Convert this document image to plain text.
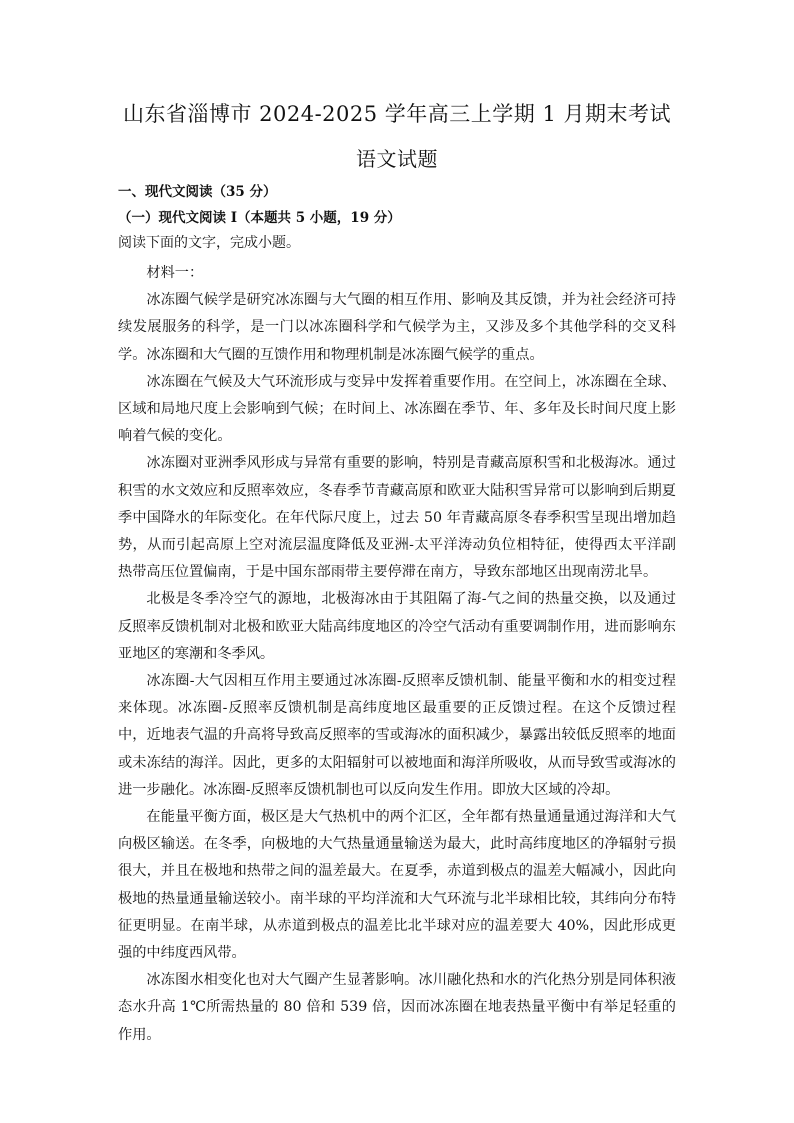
山东省淄博市 2024-2025 学年高三上学期 1 月期末考试
语文试题
一、现代文阅读（35 分）
（一）现代文阅读 I（本题共 5 小题，19 分）
阅读下面的文字，完成小题。

材料一：

冰冻圈气候学是研究冰冻圈与大气圈的相互作用、影响及其反馈，并为社会经济可持续发展服务的科学，是一门以冰冻圈科学和气候学为主，又涉及多个其他学科的交叉科学。冰冻圈和大气圈的互馈作用和物理机制是冰冻圈气候学的重点。

冰冻圈在气候及大气环流形成与变异中发挥着重要作用。在空间上，冰冻圈在全球、区域和局地尺度上会影响到气候；在时间上、冰冻圈在季节、年、多年及长时间尺度上影响着气候的变化。

冰冻圈对亚洲季风形成与异常有重要的影响，特别是青藏高原积雪和北极海冰。通过积雪的水文效应和反照率效应，冬春季节青藏高原和欧亚大陆积雪异常可以影响到后期夏季中国降水的年际变化。在年代际尺度上，过去 50 年青藏高原冬春季积雪呈现出增加趋势，从而引起高原上空对流层温度降低及亚洲-太平洋涛动负位相特征，使得西太平洋副热带高压位置偏南，于是中国东部雨带主要停滞在南方，导致东部地区出现南涝北旱。

北极是冬季冷空气的源地，北极海冰由于其阻隔了海-气之间的热量交换，以及通过反照率反馈机制对北极和欧亚大陆高纬度地区的冷空气活动有重要调制作用，进而影响东亚地区的寒潮和冬季风。

冰冻圈-大气因相互作用主要通过冰冻圈-反照率反馈机制、能量平衡和水的相变过程来体现。冰冻圈-反照率反馈机制是高纬度地区最重要的正反馈过程。在这个反馈过程中，近地表气温的升高将导致高反照率的雪或海冰的面积减少，暴露出较低反照率的地面或未冻结的海洋。因此，更多的太阳辐射可以被地面和海洋所吸收，从而导致雪或海冰的进一步融化。冰冻圈-反照率反馈机制也可以反向发生作用。即放大区域的冷却。

在能量平衡方面，极区是大气热机中的两个汇区，全年都有热量通量通过海洋和大气向极区输送。在冬季，向极地的大气热量通量输送为最大，此时高纬度地区的净辐射亏损很大，并且在极地和热带之间的温差最大。在夏季，赤道到极点的温差大幅减小，因此向极地的热量通量输送较小。南半球的平均洋流和大气环流与北半球相比较，其纬向分布特征更明显。在南半球，从赤道到极点的温差比北半球对应的温差要大 40%，因此形成更强的中纬度西风带。

冰冻图水相变化也对大气圈产生显著影响。冰川融化热和水的汽化热分别是同体积液态水升高 1℃所需热量的 80 倍和 539 倍，因而冰冻圈在地表热量平衡中有举足轻重的作用。
